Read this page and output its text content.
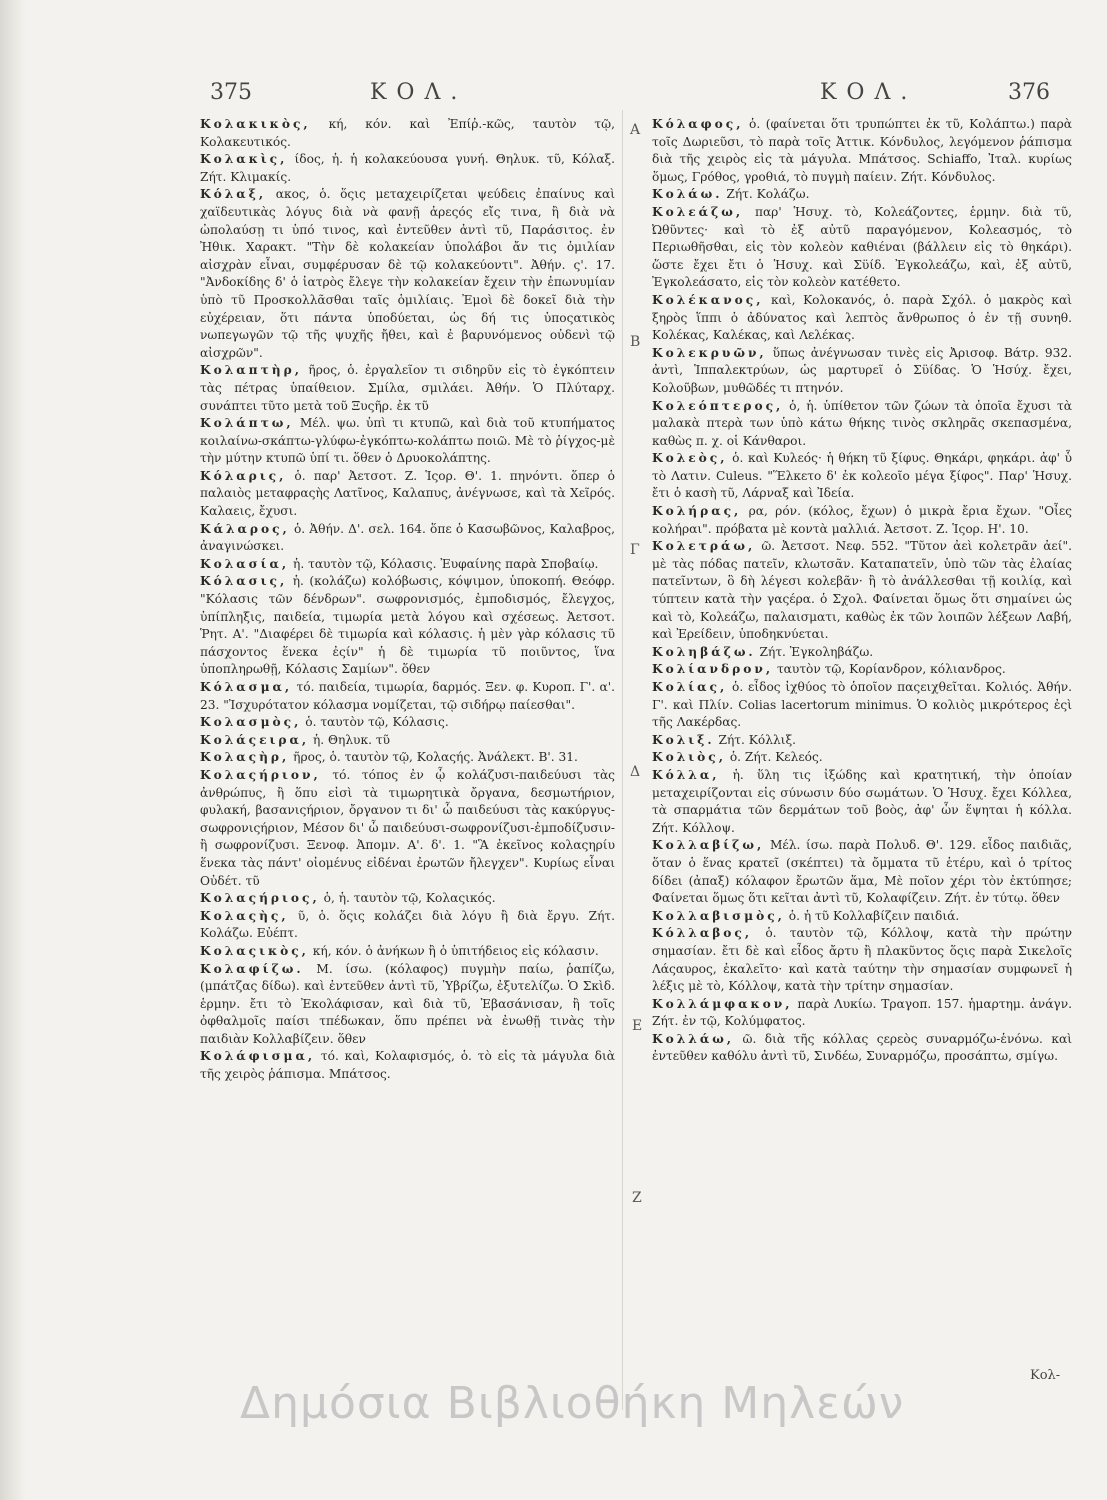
375	ΚΟΛ.	ΚΟΛ.	376

Κολακικὸς, κή, κόν. καὶ Ἐπίῤ.-κῶς, ταυτὸν τῷ, Κολακευτικός.

Κολακὶς, ίδος, ἡ. ἡ κολακεύουσα γυνή. Θηλυκ. τῦ, Κόλαξ. Ζήτ. Κλιμακίς.

Κόλαξ, ακος, ὁ. ὅςις μεταχειρίζεται ψεύδεις ἐπαίνυς καὶ χαϊδευτικὰς λόγυς διὰ νὰ φανῇ ἀρεςός εἴς τινα, ἢ διὰ νὰ ὠπολαύσῃ τι ὑπό τινος, καὶ ἐντεῦθεν ἀντὶ τῦ, Παράσιτος. ἐν Ἠθικ. Χαρακτ. "Τὴν δὲ κολακείαν ὑπολάβοι ἄν τις ὁμιλίαν αἰσχρὰν εἶναι, συμφέρυσαν δὲ τῷ κολακεύοντι". Ἀθήν. ς'. 17. "Ἀνδοκίδης δ' ὁ ἰατρὸς ἔλεγε τὴν κολακείαν ἔχειν τὴν ἐπωνυμίαν ὑπὸ τῦ Προσκολλᾶσθαι ταῖς ὁμιλίαις. Ἐμοὶ δὲ δοκεῖ διὰ τὴν εὐχέρειαν, ὅτι πάντα ὑποδύεται, ὡς δή τις ὑποςατικὸς νωπεγωγῶν τῷ τῆς ψυχῆς ἤθει, καὶ ἐ βαρυνόμενος οὐδενὶ τῷ αἰσχρῶν".

Κολαπτὴρ, ῆρος, ὁ. ἐργαλεῖον τι σιδηρῦν εἰς τὸ ἐγκόπτειν τὰς πέτρας ὑπαίθειον. Σμίλα, σμιλάει. Ἀθήν. Ὁ Πλύταρχ. συνάπτει τῦτο μετὰ τοῦ Ξυςῆρ. ἐκ τῦ

Κολάπτω, Μέλ. ψω. ὑπὶ τι κτυπῶ, καὶ διὰ τοῦ κτυπήματος κοιλαίνω-σκάπτω-γλύφω-ἐγκόπτω-κολάπτω ποιῶ. Μὲ τὸ ῥίγχος-μὲ τὴν μύτην κτυπῶ ὑπί τι. ὅθεν ὁ Δρυοκολάπτης.

Κόλαρις, ὁ. παρ' Ἀετσοτ. Ζ. Ἱςορ. Θ'. 1. πηνόντι. ὅπερ ὁ παλαιὸς μεταφραςὴς Λατῖνος, Καλαπυς, ἀνέγνωσε, καὶ τὰ Χεῖρός. Καλαεις, ἔχυσι.

Κάλαρος, ὁ. Ἀθήν. Δ'. σελ. 164. ὅπε ὁ Κασωβῶνος, Καλαβρος, ἀναγινώσκει.

Κολασία, ἡ. ταυτὸν τῷ, Κόλασις. Ἐυφαίνης παρὰ Σποβαίῳ.

Κόλασις, ἡ. (κολάζω) κολόβωσις, κόψιμον, ὑποκοπή. Θεόφρ. "Κόλασις τῶν δένδρων". σωφρονισμός, ἐμποδισμός, ἔλεγχος, ὑπίπληξις, παιδεία, τιμωρία μετὰ λόγου καὶ σχέσεως. Ἀετσοτ. Ῥητ. Α'. "Διαφέρει δὲ τιμωρία καὶ κόλασις. ἡ μὲν γὰρ κόλασις τῦ πάσχοντος ἕνεκα ἐςίν" ἡ δὲ τιμωρία τῦ ποιῦντος, ἵνα ὑποπληρωθῇ, Κόλασις Σαμίων". ὅθεν

Κόλασμα, τό. παιδεία, τιμωρία, δαρμός. Ξεν. φ. Κυροπ. Γ'. α'. 23. "Ἰσχυρότατον κόλασμα νομίζεται, τῷ σιδήρῳ παίεσθαι".

Κολασμὸς, ὁ. ταυτὸν τῷ, Κόλασις.

Κολάςειρα, ἡ. Θηλυκ. τῦ

Κολαςὴρ, ῆρος, ὁ. ταυτὸν τῷ, Κολαςής. Ἀνάλεκτ. Β'. 31.

Κολαςήριον, τό. τόπος ἐν ᾧ κολάζυσι-παιδεύυσι τὰς ἀνθρώπυς, ἢ ὅπυ εἰσὶ τὰ τιμωρητικὰ ὄργανα, δεσμωτήριον, φυλακή, βασανιςήριον, ὄργανον τι δι' ὧ παιδεύυσι τὰς κακύργυς-σωφρονιςήριον, Μέσον δι' ὧ παιδεύυσι-σωφρονίζυσι-ἐμποδίζυσιν-ἢ σωφρονίζυσι. Ξενοφ. Ἀπομν. Α'. δ'. 1. "Ἃ ἐκεῖνος κολαςηρίυ ἕνεκα τὰς πάντ' οἰομένυς εἰδέναι ἐρωτῶν ἤλεγχεν". Κυρίως εἶναι Οὐδέτ. τῦ

Κολαςήριος, ὁ, ἡ. ταυτὸν τῷ, Κολαςικός.

Κολαςὴς, ῦ, ὁ. ὅςις κολάζει διὰ λόγυ ἢ διὰ ἔργυ. Ζήτ. Κολάζω. Εὐέπτ.

Κολαςικὸς, κή, κόν. ὁ ἀνήκων ἢ ὁ ὑπιτήδειος εἰς κόλασιν.

Κολαφίζω. Μ. ίσω. (κόλαφος) πυγμὴν παίω, ῥαπίζω, (μπάτζας δίδω). καὶ ἐντεῦθεν ἀντὶ τῦ, Ὑβρίζω, ἐξυτελίζω. Ὁ Σκὶδ. ἑρμην. ἔτι τὸ Ἐκολάφισαν, καὶ διὰ τῦ, Ἐβασάνισαν, ἢ τοῖς ὀφθαλμοῖς παίσι τπέδωκαν, ὅπυ πρέπει νὰ ἐνωθῇ τινὰς τὴν παιδιὰν Κολλαβίζειν. ὅθεν

Κολάφισμα, τό. καὶ, Κολαφισμός, ὁ. τὸ εἰς τὰ μάγυλα διὰ τῆς χειρὸς ῥάπισμα. Μπάτσος.

Κόλαφος, ὁ. (φαίνεται ὅτι τρυπώπτει ἐκ τῦ, Κολάπτω.) παρὰ τοῖς Δωριεῦσι, τὸ παρὰ τοῖς Ἀττικ. Κόνδυλος, λεγόμενον ῥάπισμα διὰ τῆς χειρὸς εἰς τὰ μάγυλα. Μπάτσος. Schiaffo, Ἰταλ. κυρίως ὅμως, Γρόθος, γροθιά, τὸ πυγμὴ παίειν. Ζήτ. Κόνδυλος.

Κολάω. Ζήτ. Κολάζω.

Κολεάζω, παρ' Ἡσυχ. τὸ, Κολεάζοντες, ἑρμην. διὰ τῦ, Ὠθῦντες· καὶ τὸ ἐξ αὐτῦ παραγόμενον, Κολεασμός, τὸ Περιωθῆσθαι, εἰς τὸν κολεὸν καθιέναι (βάλλειν εἰς τὸ θηκάρι). ὥστε ἔχει ἔτι ὁ Ἡσυχ. καὶ Σϋίδ. Ἐγκολεάζω, καὶ, ἐξ αὐτῦ, Ἐγκολεάσατο, εἰς τὸν κολεὸν κατέθετο.

Κολέκανος, καὶ, Κολοκανός, ὁ. παρὰ Σχόλ. ὁ μακρὸς καὶ ξηρὸς ἵππι ὁ ἀδύνατος καὶ λεπτὸς ἄνθρωπος ὁ ἐν τῇ συνηθ. Κολέκας, Καλέκας, καὶ Λελέκας.

Κολεκρυῶν, ὕπως ἀνέγνωσαν τινὲς εἰς Ἀρισοφ. Βάτρ. 932. ἀντὶ, Ἱππαλεκτρύων, ὡς μαρτυρεῖ ὁ Σϋίδας. Ὁ Ἡσύχ. ἔχει, Κολοῦβων, μυθῶδές τι πτηνόν.

Κολεόπτερος, ὁ, ἡ. ὑπίθετον τῶν ζώων τὰ ὁποῖα ἔχυσι τὰ μαλακὰ πτερὰ των ὑπὸ κάτω θήκης τινὸς σκληρᾶς σκεπασμένα, καθὼς π. χ. οἱ Κάνθαροι.

Κολεὸς, ὁ. καὶ Κυλεός· ἡ θήκη τῦ ξίφυς. Θηκάρι, φηκάρι. ἀφ' ὗ τὸ Λατιν. Culeus. "Ἕλκετο δ' ἐκ κολεοῖο μέγα ξίφος". Παρ' Ἡσυχ. ἔτι ὁ κασὴ τῦ, Λάρναξ καὶ Ἰδεία.

Κολήρας, ρα, ρόν. (κόλος, ἔχων) ὁ μικρὰ ἔρια ἔχων. "Οἶες κολήραι". πρόβατα μὲ κοντὰ μαλλιά. Ἀετσοτ. Ζ. Ἱςορ. Η'. 10.

Κολετράω, ῶ. Ἀετσοτ. Νεφ. 552. "Τῦτον ἀεὶ κολετρᾶν ἀεί". μὲ τὰς πόδας πατεῖν, κλωτσᾶν. Καταπατεῖν, ὑπὸ τῶν τὰς ἐλαίας πατεῖντων, ὃ δὴ λέγεσι κολεβᾶν· ἢ τὸ ἀνάλλεσθαι τῇ κοιλίᾳ, καὶ τύπτειν κατὰ τὴν γαςέρα. ὁ Σχολ. Φαίνεται ὅμως ὅτι σημαίνει ὡς καὶ τὸ, Κολεάζω, παλαισματι, καθὼς ἐκ τῶν λοιπῶν λέξεων Λαβή, καὶ Ἐρείδειν, ὑποδηκνύεται.

Κοληβάζω. Ζήτ. Ἐγκοληβάζω.

Κολίανδρον, ταυτὸν τῷ, Κορίανδρον, κόλιανδρος.

Κολίας, ὁ. εἶδος ἰχθύος τὸ ὁποῖον παςειχθεῖται. Κολιός. Ἀθήν. Γ'. καὶ Πλίν. Colias lacertorum minimus. Ὁ κολιὸς μικρότερος ἐςὶ τῆς Λακέρδας.

Κολιξ. Ζήτ. Κόλλιξ.

Κολιὸς, ὁ. Ζήτ. Κελεός.

Κόλλα, ἡ. ὕλη τις ἰξώδης καὶ κρατητική, τὴν ὁποίαν μεταχειρίζονται εἰς σύνωσιν δύο σωμάτων. Ὁ Ἡσυχ. ἔχει Κόλλεα, τὰ σπαρμάτια τῶν δερμάτων τοῦ βοὸς, ἀφ' ὧν ἕψηται ἡ κόλλα. Ζήτ. Κόλλοψ.

Κολλαβίζω, Μέλ. ίσω. παρὰ Πολυδ. Θ'. 129. εἶδος παιδιᾶς, ὅταν ὁ ἕνας κρατεῖ (σκέπτει) τὰ ὄμματα τῦ ἑτέρυ, καὶ ὁ τρίτος δίδει (ἀπαξ) κόλαφον ἔρωτῶν ἅμα, Μὲ ποῖον χέρι τὸν ἐκτύπησε; Φαίνεται ὅμως ὅτι κεῖται ἀντὶ τῦ, Κολαφίζειν. Ζήτ. ἐν τύτῳ. ὅθεν

Κολλαβισμὸς, ὁ. ἡ τῦ Κολλαβίζειν παιδιά.

Κόλλαβος, ὁ. ταυτὸν τῷ, Κόλλοψ, κατὰ τὴν πρώτην σημασίαν. ἔτι δὲ καὶ εἶδος ἄρτυ ἢ πλακῦντος ὅςις παρὰ Σικελοῖς Λάςαυρος, ἐκαλεῖτο· καὶ κατὰ ταύτην τὴν σημασίαν συμφωνεῖ ἡ λέξις μὲ τὸ, Κόλλοψ, κατὰ τὴν τρίτην σημασίαν.

Κολλάμφακον, παρὰ Λυκίω. Τραγοπ. 157. ἡμαρτημ. ἀνάγν. Ζήτ. ἐν τῷ, Κολύμφατος.

Κολλάω, ῶ. διὰ τῆς κόλλας ςερεὸς συναρμόζω-ἑνόνω. καὶ ἐντεῦθεν καθόλυ ἀντὶ τῦ, Σινδέω, Συναρμόζω, προσάπτω, σμίγω.

A
B
Γ
Δ
E
Z
Κολ-
Δημόσια Βιβλιοθήκη Μηλεών
